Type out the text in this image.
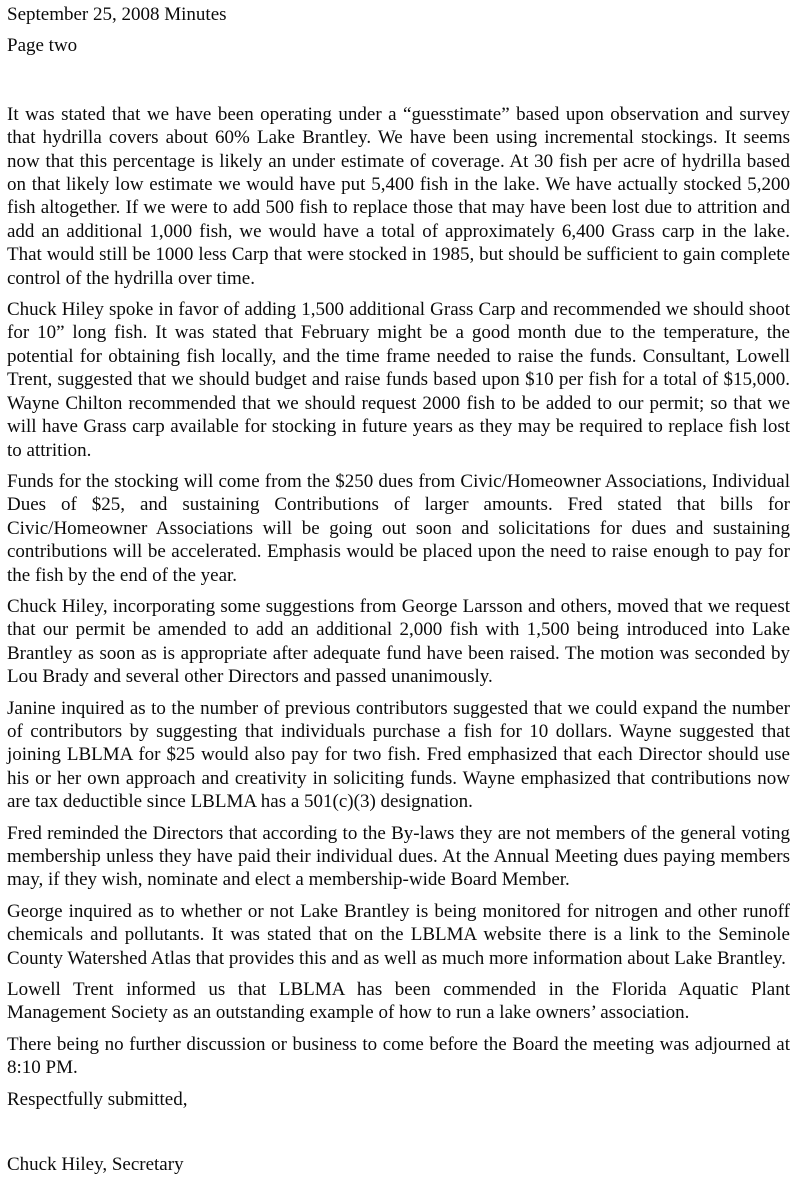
September 25, 2008 Minutes

Page two

It was stated that we have been operating under a “guesstimate” based upon observation and survey that hydrilla covers about 60% Lake Brantley. We have been using incremental stockings. It seems now that this percentage is likely an under estimate of coverage. At 30 fish per acre of hydrilla based on that likely low estimate we would have put 5,400 fish in the lake. We have actually stocked 5,200 fish altogether. If we were to add 500 fish to replace those that may have been lost due to attrition and add an additional 1,000 fish, we would have a total of approximately 6,400 Grass carp in the lake. That would still be 1000 less Carp that were stocked in 1985, but should be sufficient to gain complete control of the hydrilla over time.

Chuck Hiley spoke in favor of adding 1,500 additional Grass Carp and recommended we should shoot for 10” long fish. It was stated that February might be a good month due to the temperature, the potential for obtaining fish locally, and the time frame needed to raise the funds. Consultant, Lowell Trent, suggested that we should budget and raise funds based upon $10 per fish for a total of $15,000. Wayne Chilton recommended that we should request 2000 fish to be added to our permit; so that we will have Grass carp available for stocking in future years as they may be required to replace fish lost to attrition.

Funds for the stocking will come from the $250 dues from Civic/Homeowner Associations, Individual Dues of $25, and sustaining Contributions of larger amounts. Fred stated that bills for Civic/Homeowner Associations will be going out soon and solicitations for dues and sustaining contributions will be accelerated. Emphasis would be placed upon the need to raise enough to pay for the fish by the end of the year.

Chuck Hiley, incorporating some suggestions from George Larsson and others, moved that we request that our permit be amended to add an additional 2,000 fish with 1,500 being introduced into Lake Brantley as soon as is appropriate after adequate fund have been raised. The motion was seconded by Lou Brady and several other Directors and passed unanimously.

Janine inquired as to the number of previous contributors suggested that we could expand the number of contributors by suggesting that individuals purchase a fish for 10 dollars. Wayne suggested that joining LBLMA for $25 would also pay for two fish. Fred emphasized that each Director should use his or her own approach and creativity in soliciting funds. Wayne emphasized that contributions now are tax deductible since LBLMA has a 501(c)(3) designation.

Fred reminded the Directors that according to the By-laws they are not members of the general voting membership unless they have paid their individual dues. At the Annual Meeting dues paying members may, if they wish, nominate and elect a membership-wide Board Member.

George inquired as to whether or not Lake Brantley is being monitored for nitrogen and other runoff chemicals and pollutants. It was stated that on the LBLMA website there is a link to the Seminole County Watershed Atlas that provides this and as well as much more information about Lake Brantley.

Lowell Trent informed us that LBLMA has been commended in the Florida Aquatic Plant Management Society as an outstanding example of how to run a lake owners’ association.

There being no further discussion or business to come before the Board the meeting was adjourned at 8:10 PM.

Respectfully submitted,

Chuck Hiley, Secretary
